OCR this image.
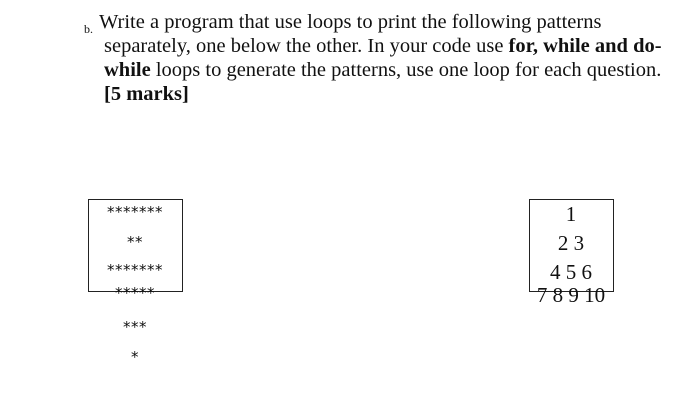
b. Write a program that use loops to print the following patterns separately, one below the other. In your code use for, while and do-while loops to generate the patterns, use one loop for each question. [5 marks]
*******
**
*******
*****
***
*
1
2 3
4 5 6
7 8 9 10
